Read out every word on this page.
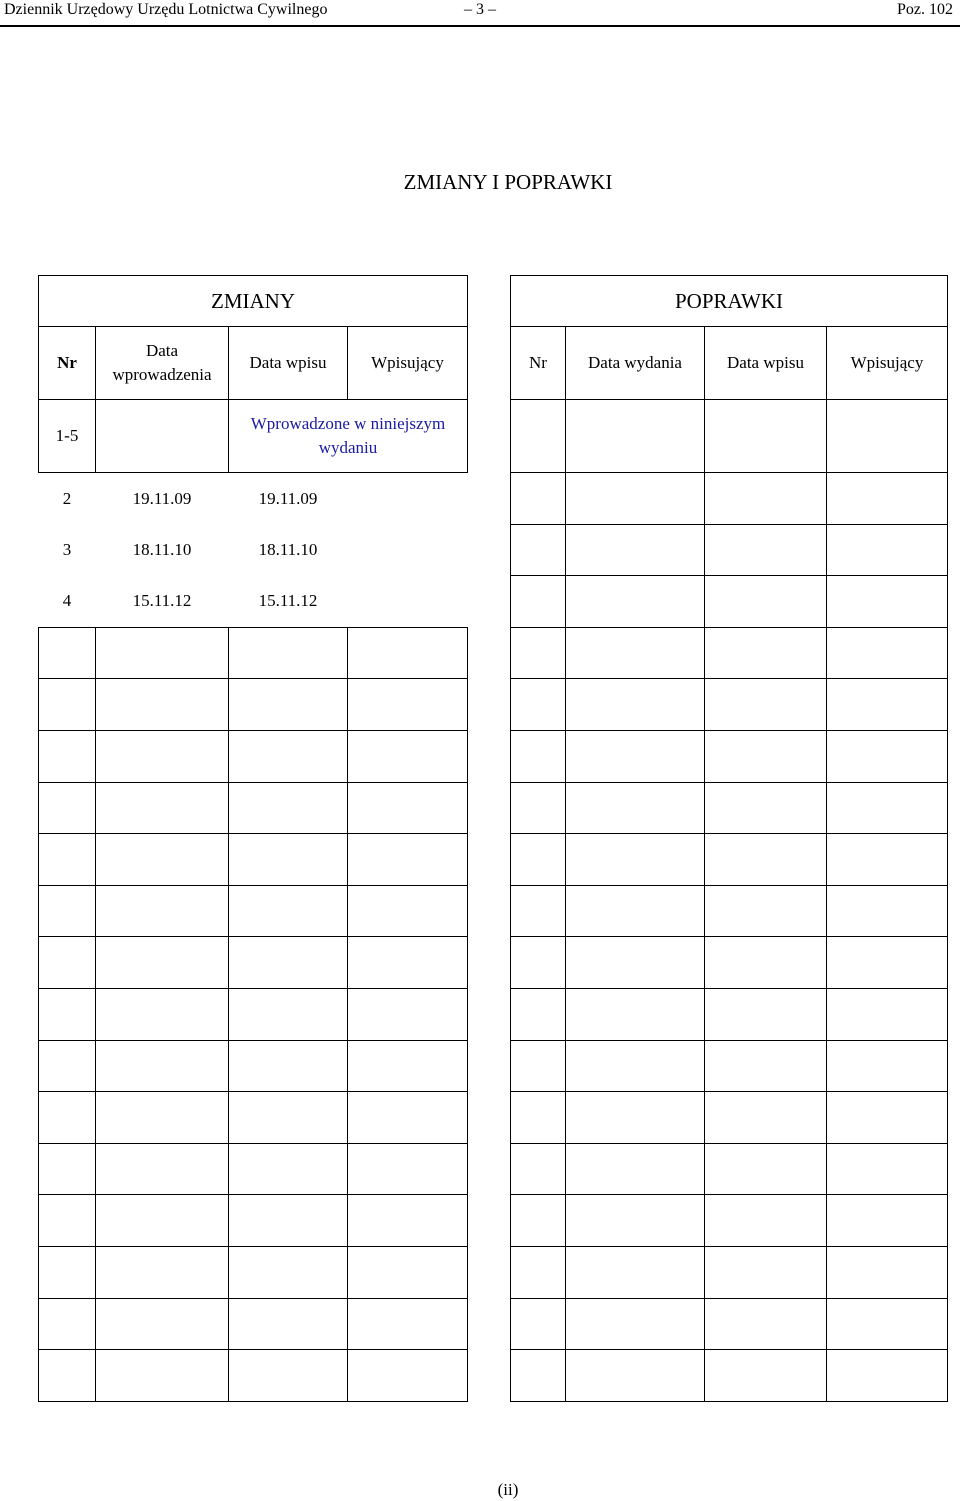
Dziennik Urzędowy Urzędu Lotnictwa Cywilnego	– 3 –	Poz. 102
ZMIANY I POPRAWKI
ZMIANY			
Nr	Data wprowadzenia	Data wpisu	Wpisujący
1-5		Wprowadzone w niniejszym wydaniu	
2	19.11.09	19.11.09	
3	18.11.10	18.11.10	
4	15.11.12	15.11.12	

POPRAWKI			
Nr	Data wydania	Data wpisu	Wpisujący

(ii)
